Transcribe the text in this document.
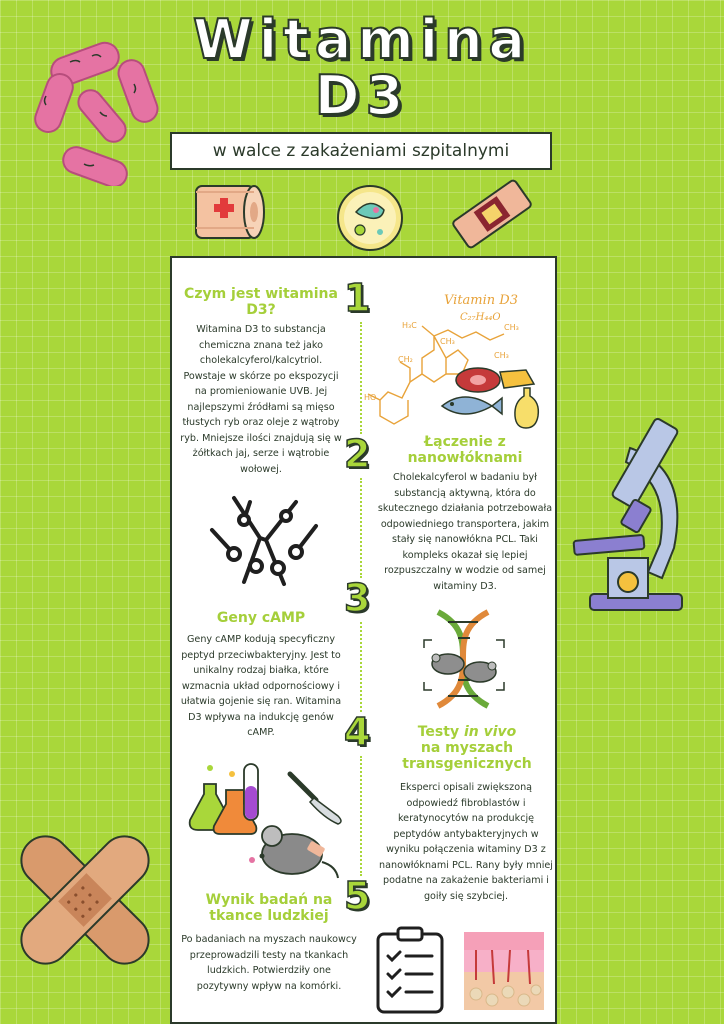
Witamina
D3
w walce z zakażeniami szpitalnymi
1
2
3
4
5
Czym jest witamina D3?
Witamina D3 to substancja chemiczna znana też jako cholekalcyferol/kalcytriol. Powstaje w skórze po ekspozycji na promieniowanie UVB. Jej najlepszymi źródłami są mięso tłustych ryb oraz oleje z wątroby ryb. Mniejsze ilości znajdują się w żółtkach jaj, serze i wątrobie wołowej.
Vitamin D3
C₂₇H₄₄O
H₃C
CH₃
CH₃
CH₃
CH₂
HO
Łączenie z nanowłóknami
Cholekalcyferol w badaniu był substancją aktywną, która do skutecznego działania potrzebowała odpowiedniego transportera, jakim stały się nanowłókna PCL. Taki kompleks okazał się lepiej rozpuszczalny w wodzie od samej witaminy D3.
Geny cAMP
Geny cAMP kodują specyficzny peptyd przeciwbakteryjny. Jest to unikalny rodzaj białka, które wzmacnia układ odpornościowy i ułatwia gojenie się ran. Witamina D3 wpływa na indukcję genów cAMP.	Testy in vivo
na myszach transgenicznych
Eksperci opisali zwiększoną odpowiedź fibroblastów i keratynocytów na produkcję peptydów antybakteryjnych w wyniku połączenia witaminy D3 z nanowłóknami PCL. Rany były mniej podatne na zakażenie bakteriami i goiły się szybciej.
Wynik badań na tkance ludzkiej
Po badaniach na myszach naukowcy przeprowadzili testy na tkankach ludzkich. Potwierdziły one pozytywny wpływ na komórki.
